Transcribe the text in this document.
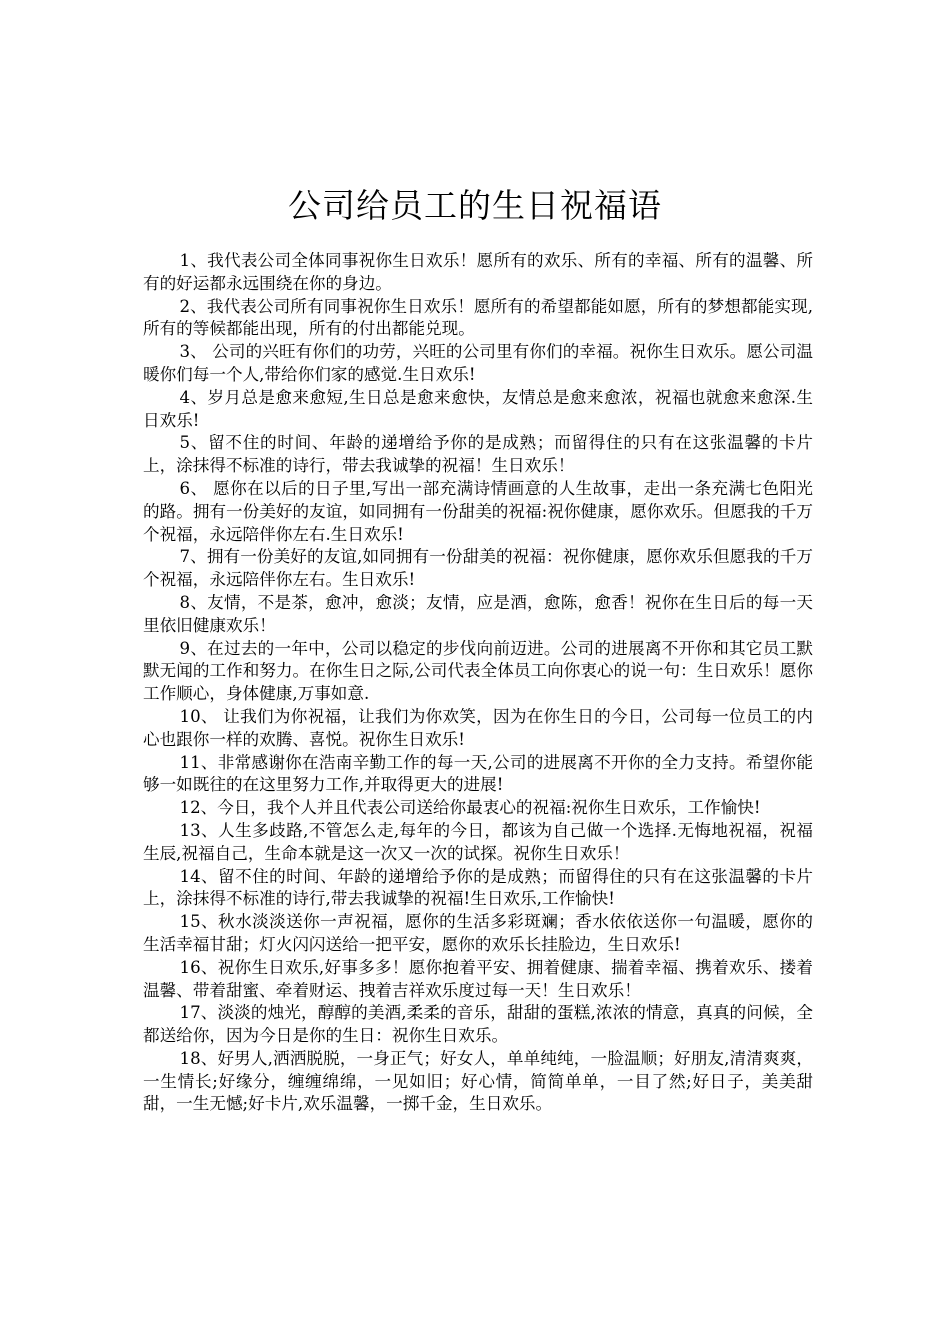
公司给员工的生日祝福语

1、我代表公司全体同事祝你生日欢乐！愿所有的欢乐、所有的幸福、所有的温馨、所有的好运都永远围绕在你的身边。

2、我代表公司所有同事祝你生日欢乐！愿所有的希望都能如愿，所有的梦想都能实现,所有的等候都能出现，所有的付出都能兑现。

3、 公司的兴旺有你们的功劳，兴旺的公司里有你们的幸福。祝你生日欢乐。愿公司温暖你们每一个人,带给你们家的感觉.生日欢乐!

4、岁月总是愈来愈短,生日总是愈来愈快，友情总是愈来愈浓，祝福也就愈来愈深.生日欢乐!

5、留不住的时间、年龄的递增给予你的是成熟；而留得住的只有在这张温馨的卡片上，涂抹得不标准的诗行，带去我诚挚的祝福！生日欢乐！

6、 愿你在以后的日子里,写出一部充满诗情画意的人生故事，走出一条充满七色阳光的路。拥有一份美好的友谊，如同拥有一份甜美的祝福:祝你健康，愿你欢乐。但愿我的千万个祝福，永远陪伴你左右.生日欢乐!

7、拥有一份美好的友谊,如同拥有一份甜美的祝福：祝你健康，愿你欢乐但愿我的千万个祝福，永远陪伴你左右。生日欢乐!

8、友情，不是茶，愈冲，愈淡；友情，应是酒，愈陈，愈香！祝你在生日后的每一天里依旧健康欢乐！

9、在过去的一年中，公司以稳定的步伐向前迈进。公司的进展离不开你和其它员工默默无闻的工作和努力。在你生日之际,公司代表全体员工向你衷心的说一句：生日欢乐！愿你工作顺心，身体健康,万事如意.

10、 让我们为你祝福，让我们为你欢笑，因为在你生日的今日，公司每一位员工的内心也跟你一样的欢腾、喜悦。祝你生日欢乐!

11、非常感谢你在浩南辛勤工作的每一天,公司的进展离不开你的全力支持。希望你能够一如既往的在这里努力工作,并取得更大的进展!

12、今日，我个人并且代表公司送给你最衷心的祝福:祝你生日欢乐，工作愉快!

13、人生多歧路,不管怎么走,每年的今日，都该为自己做一个选择.无悔地祝福，祝福生辰,祝福自己，生命本就是这一次又一次的试探。祝你生日欢乐！

14、留不住的时间、年龄的递增给予你的是成熟；而留得住的只有在这张温馨的卡片上，涂抹得不标准的诗行,带去我诚挚的祝福!生日欢乐,工作愉快!

15、秋水淡淡送你一声祝福，愿你的生活多彩斑斓；香水依依送你一句温暖，愿你的生活幸福甘甜；灯火闪闪送给一把平安，愿你的欢乐长挂脸边，生日欢乐!

16、祝你生日欢乐,好事多多！愿你抱着平安、拥着健康、揣着幸福、携着欢乐、搂着温馨、带着甜蜜、牵着财运、拽着吉祥欢乐度过每一天！生日欢乐！

17、淡淡的烛光，醇醇的美酒,柔柔的音乐，甜甜的蛋糕,浓浓的情意，真真的问候，全都送给你，因为今日是你的生日：祝你生日欢乐。

18、好男人,洒洒脱脱，一身正气；好女人，单单纯纯，一脸温顺；好朋友,清清爽爽，一生情长;好缘分，缠缠绵绵，一见如旧；好心情，简简单单，一目了然;好日子，美美甜甜，一生无憾;好卡片,欢乐温馨，一掷千金，生日欢乐。
